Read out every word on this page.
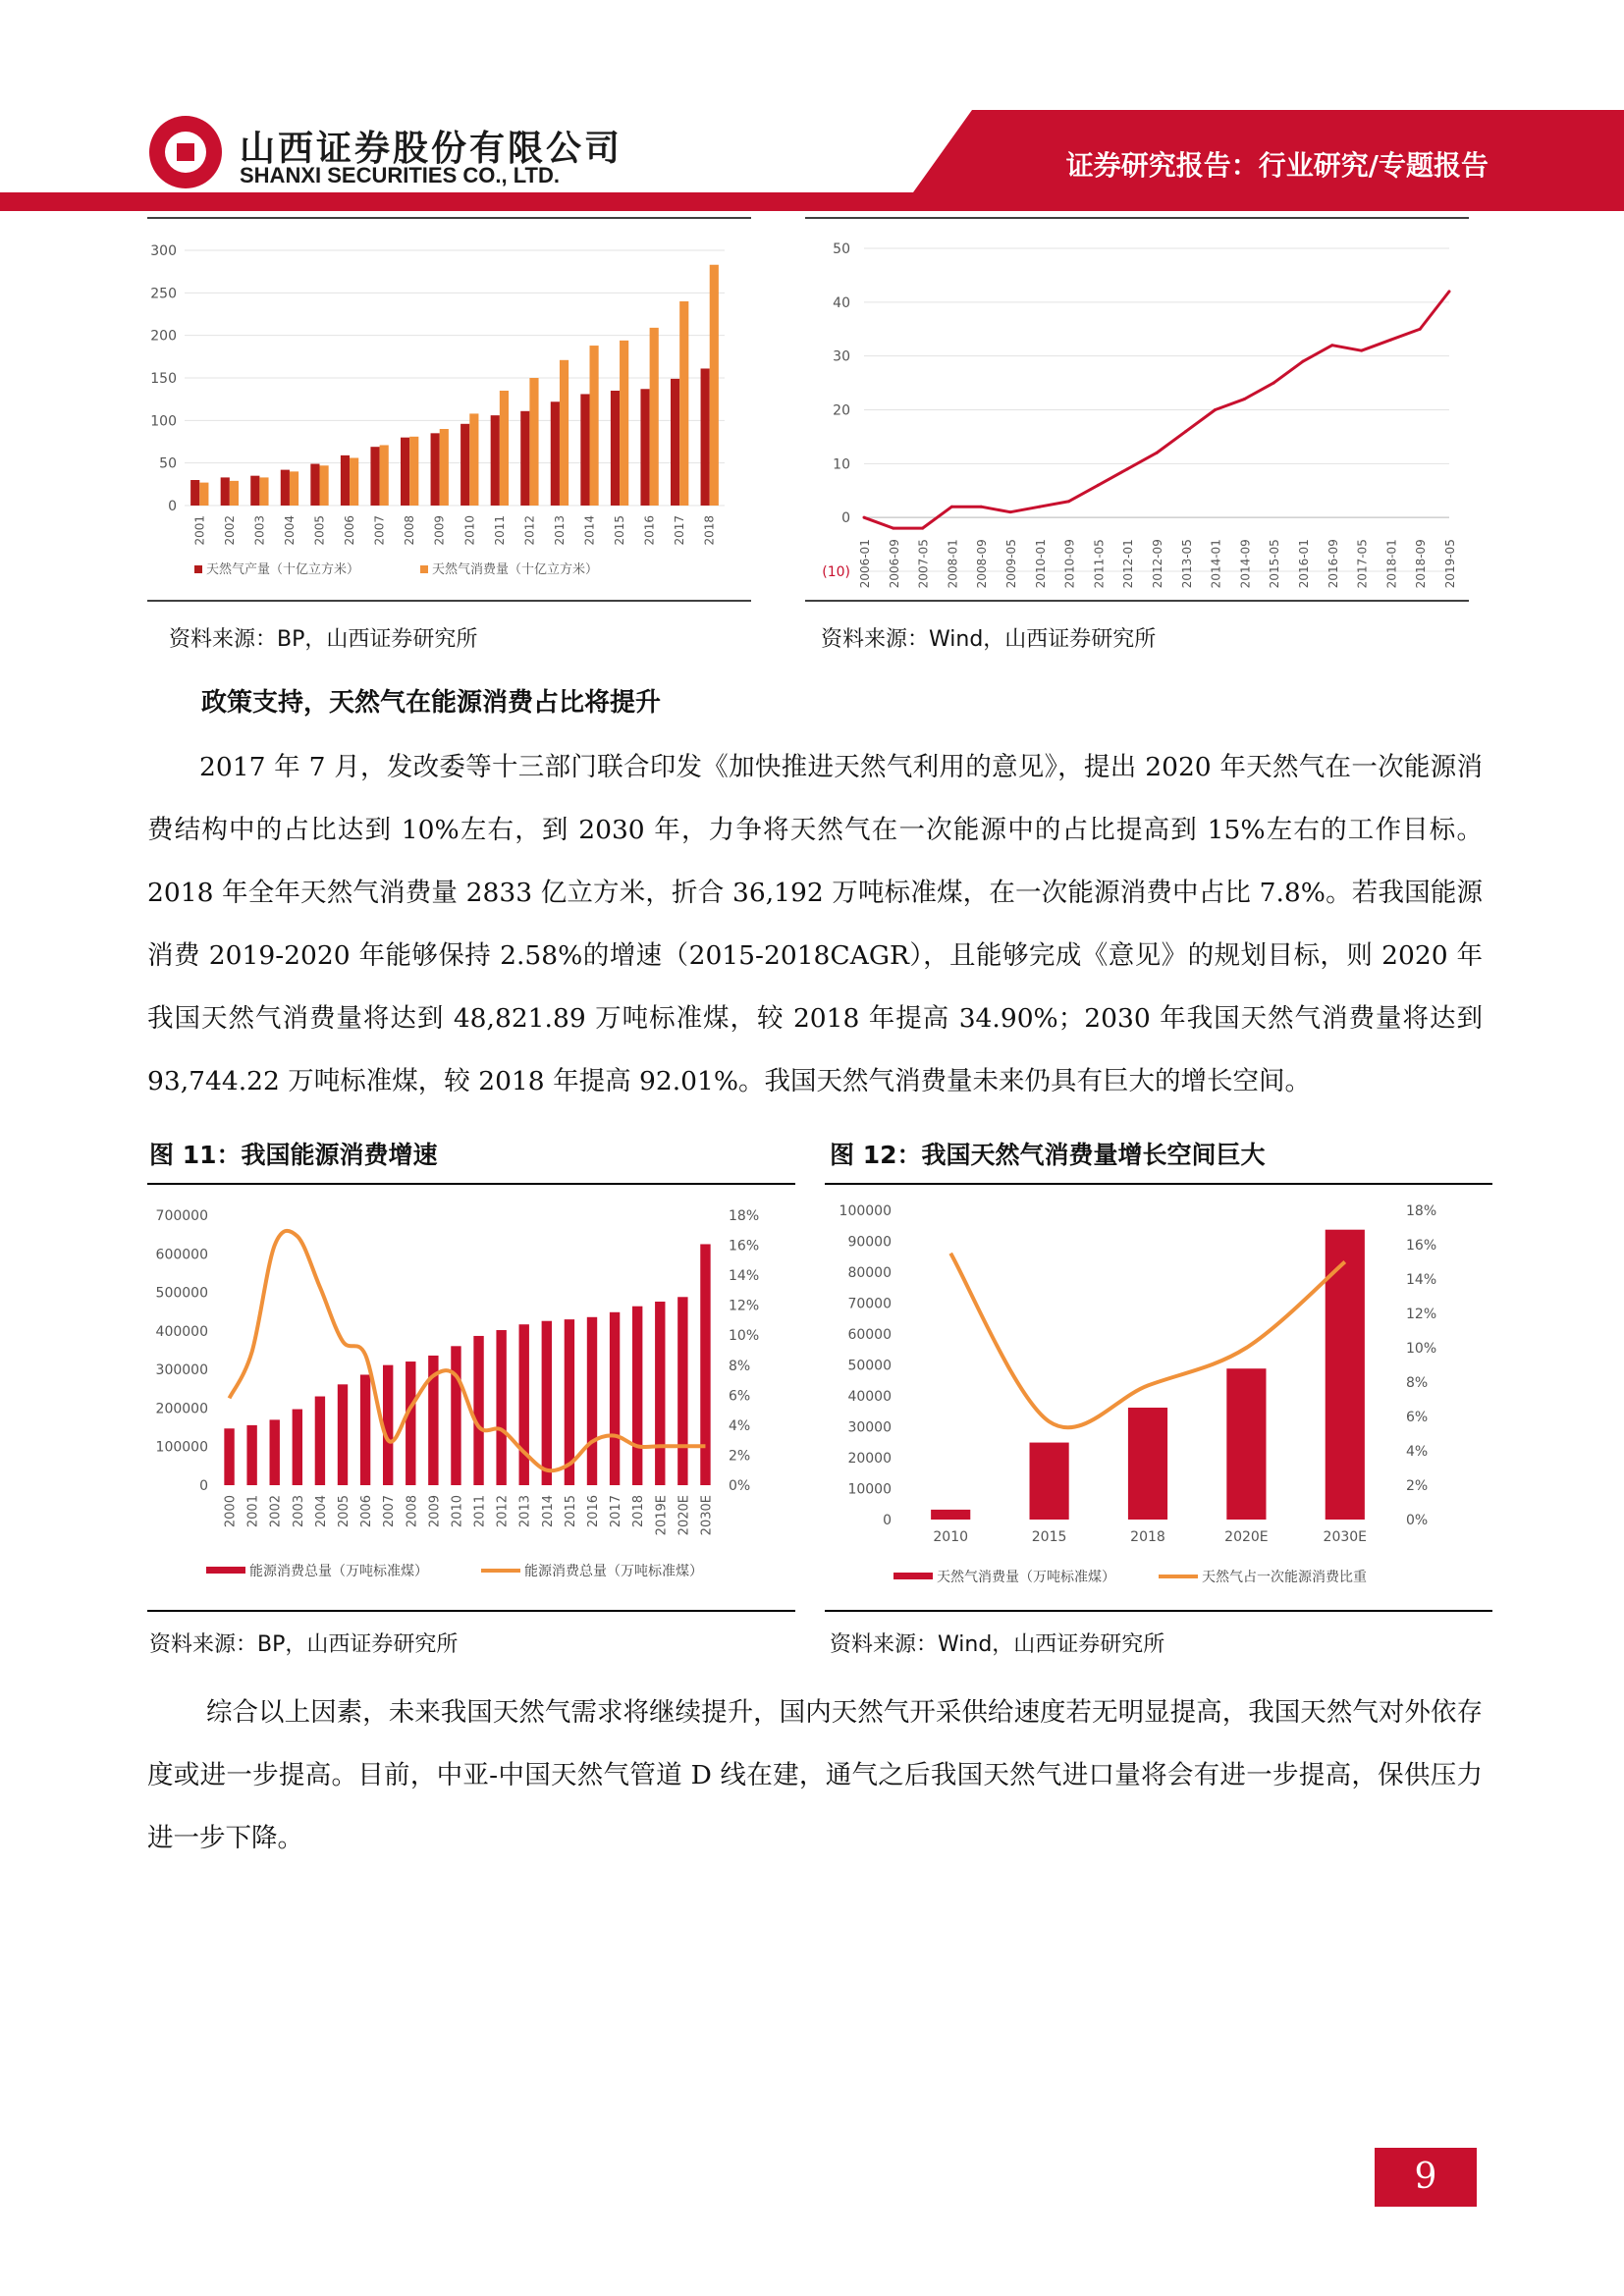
山西证券股份有限公司
SHANXI SECURITIES CO., LTD.	证券研究报告：行业研究/专题报告
0
50
100
150
200
250
300
2001 2002 2003 2004 2005 2006 2007 2008 2009 2010 2011 2012 2013 2014 2015 2016 2017 2018
天然气产量（十亿立方米）	天然气消费量（十亿立方米）
资料来源：BP，山西证券研究所
(10)
0
10
20
30
40
50
2006-01 2006-09 2007-05 2008-01 2008-09 2009-05 2010-01 2010-09 2011-05 2012-01 2012-09 2013-05 2014-01 2014-09 2015-05 2016-01 2016-09 2017-05 2018-01 2018-09 2019-05
资料来源：Wind，山西证券研究所
政策支持，天然气在能源消费占比将提升
2017 年 7 月，发改委等十三部门联合印发《加快推进天然气利用的意见》，提出 2020 年天然气在一次能源消费结构中的占比达到 10%左右，到 2030 年，力争将天然气在一次能源中的占比提高到 15%左右的工作目标。2018 年全年天然气消费量 2833 亿立方米，折合 36,192 万吨标准煤，在一次能源消费中占比 7.8%。若我国能源消费 2019-2020 年能够保持 2.58%的增速（2015-2018CAGR），且能够完成《意见》的规划目标，则 2020 年我国天然气消费量将达到 48,821.89 万吨标准煤，较 2018 年提高 34.90%；2030 年我国天然气消费量将达到 93,744.22 万吨标准煤，较 2018 年提高 92.01%。我国天然气消费量未来仍具有巨大的增长空间。
图 11：我国能源消费增速	图 12：我国天然气消费量增长空间巨大
0
100000
200000
300000
400000
500000
600000
700000
0%
2%
4%
6%
8%
10%
12%
14%
16%
18%
2000 2001 2002 2003 2004 2005 2006 2007 2008 2009 2010 2011 2012 2013 2014 2015 2016 2017 2018 2019E 2020E 2030E
能源消费总量（万吨标准煤）	能源消费总量（万吨标准煤）
0
10000
20000
30000
40000
50000
60000
70000
80000
90000
100000
0%
2%
4%
6%
8%
10%
12%
14%
16%
18%
2010	2015	2018	2020E	2030E
天然气消费量（万吨标准煤）	天然气占一次能源消费比重
资料来源：BP，山西证券研究所	资料来源：Wind，山西证券研究所
综合以上因素，未来我国天然气需求将继续提升，国内天然气开采供给速度若无明显提高，我国天然气对外依存度或进一步提高。目前，中亚-中国天然气管道 D 线在建，通气之后我国天然气进口量将会有进一步提高，保供压力进一步下降。
9
